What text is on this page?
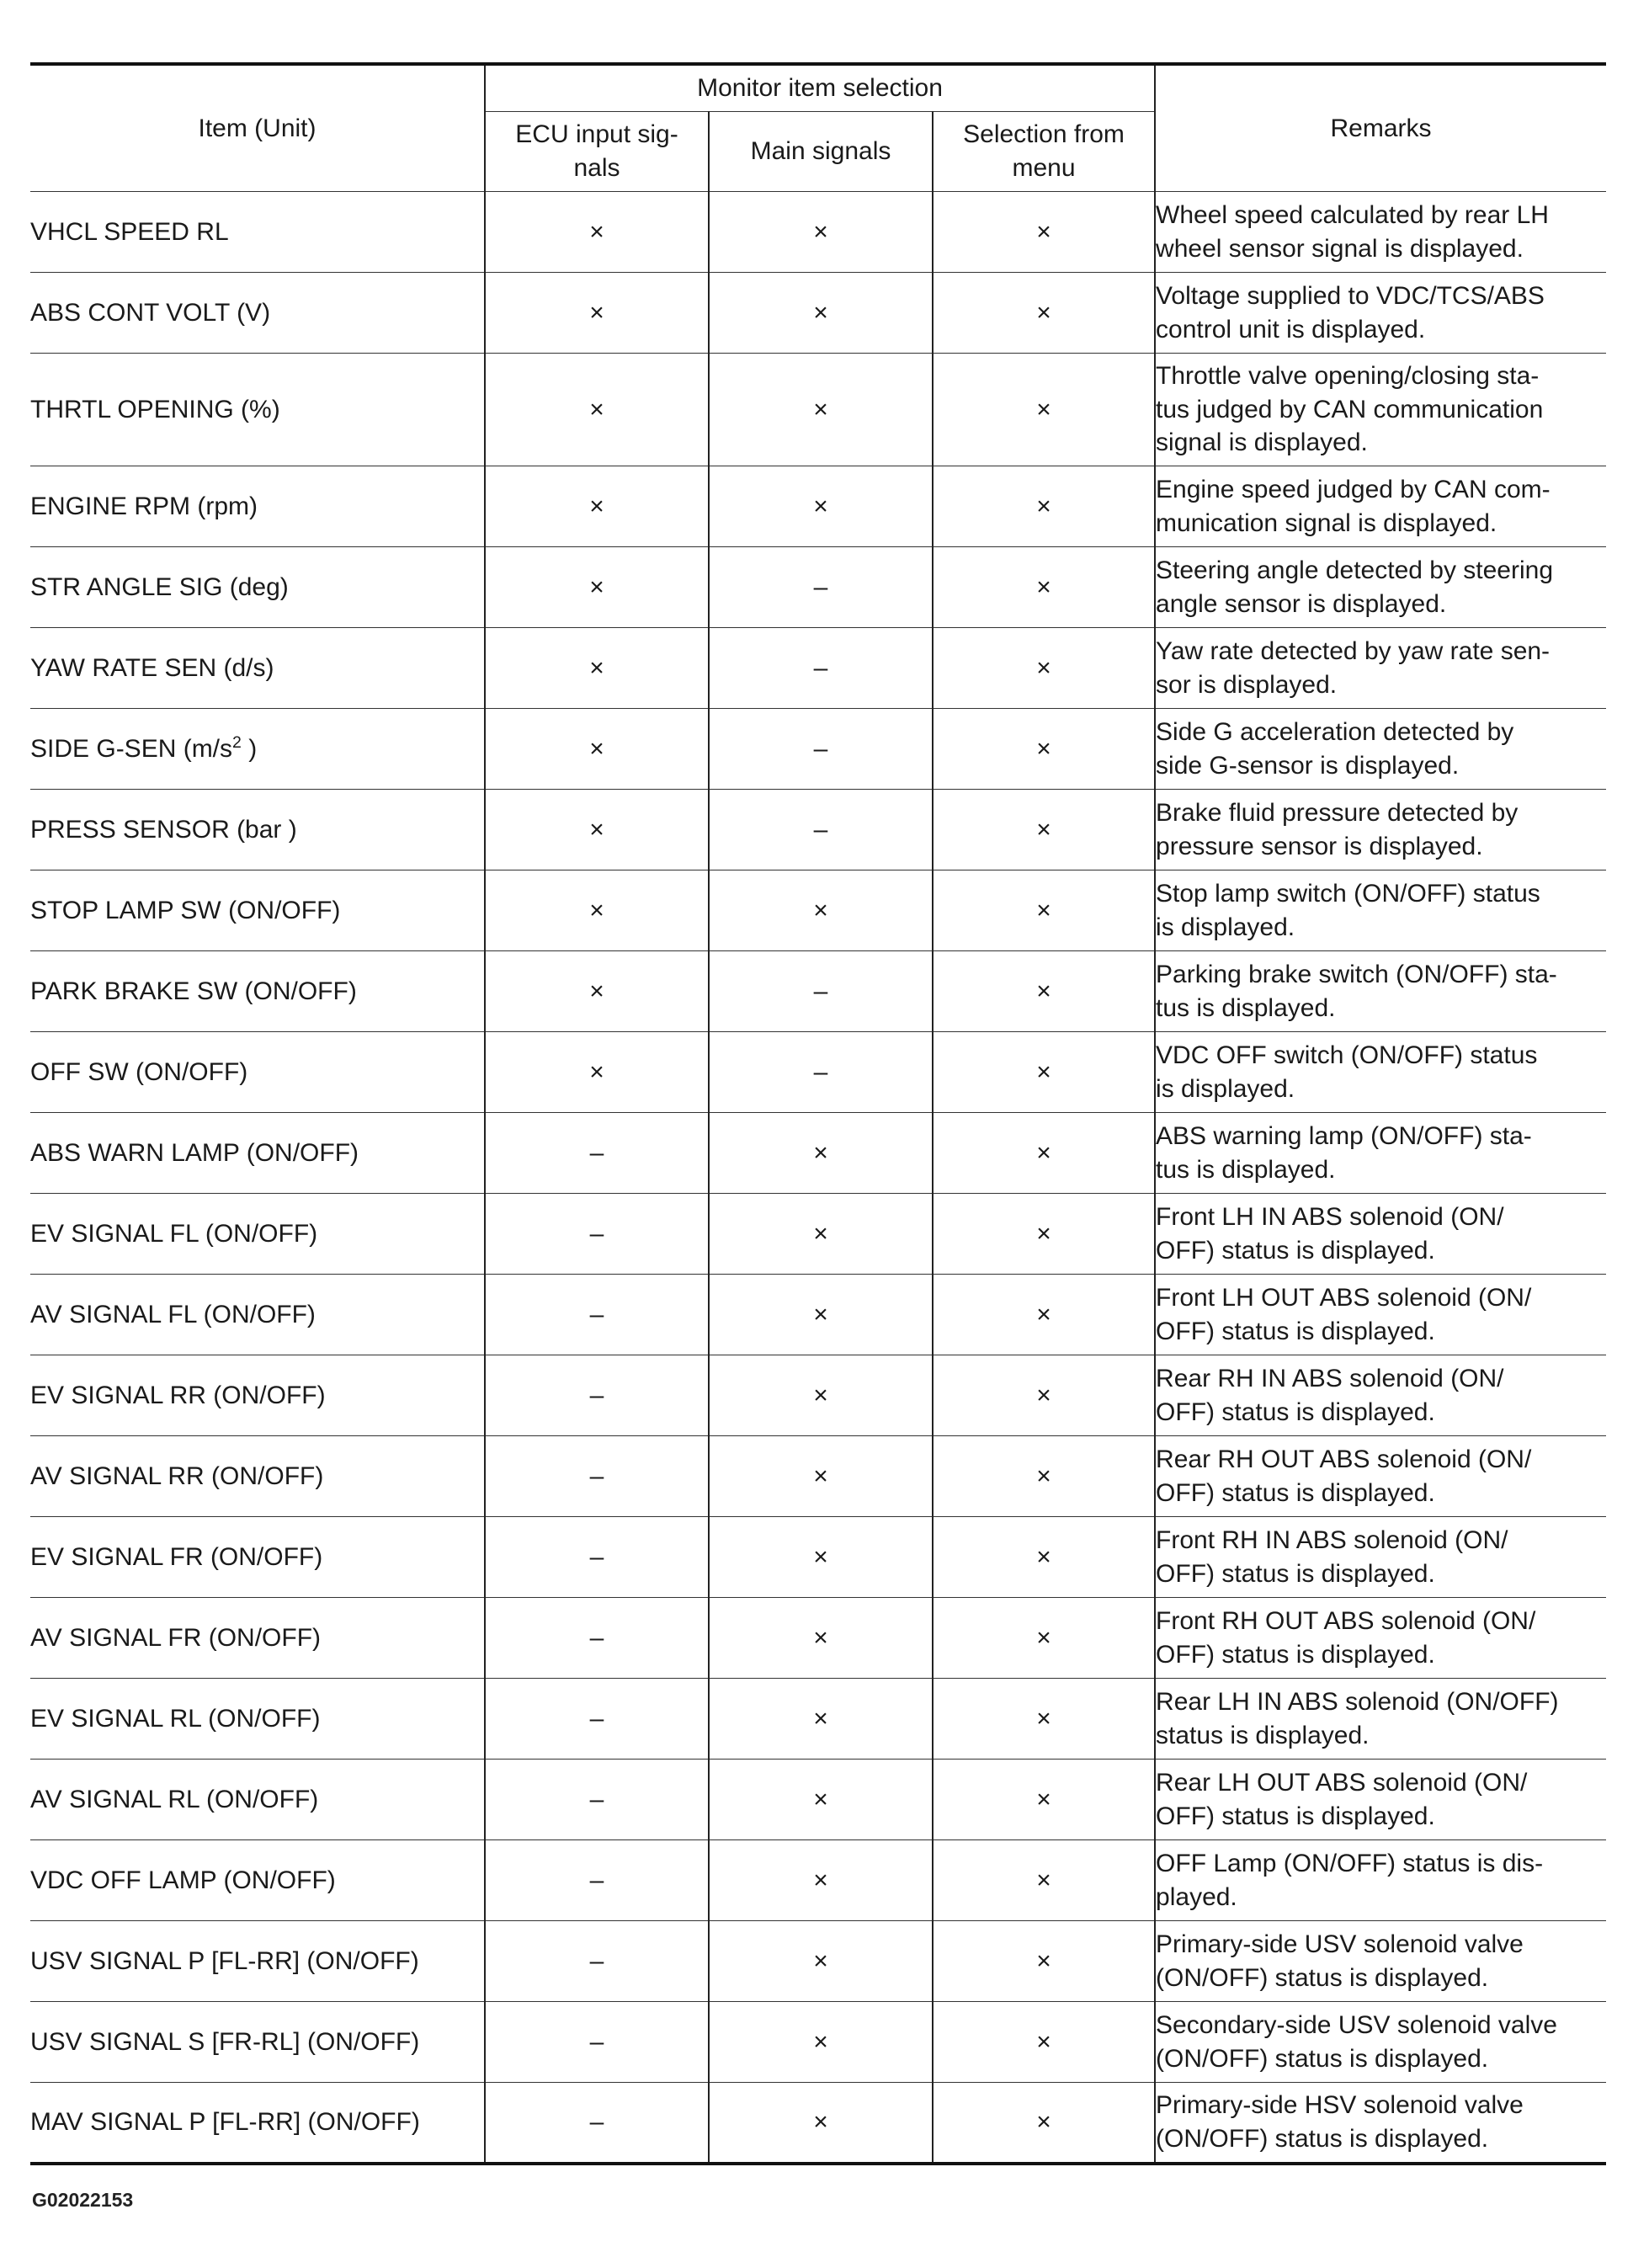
Item (Unit)	Monitor item selection			Remarks
	ECU input sig-
nals	Main signals	Selection from
menu	
VHCL SPEED RL	×	×	×	Wheel speed calculated by rear LH
wheel sensor signal is displayed.
ABS CONT VOLT (V)	×	×	×	Voltage supplied to VDC/TCS/ABS
control unit is displayed.
THRTL OPENING (%)	×	×	×	Throttle valve opening/closing sta-
tus judged by CAN communication
signal is displayed.
ENGINE RPM (rpm)	×	×	×	Engine speed judged by CAN com-
munication signal is displayed.
STR ANGLE SIG (deg)	×	–	×	Steering angle detected by steering
angle sensor is displayed.
YAW RATE SEN (d/s)	×	–	×	Yaw rate detected by yaw rate sen-
sor is displayed.
SIDE G-SEN ($m/s^2$ )	×	–	×	Side G acceleration detected by
side G-sensor is displayed.
PRESS SENSOR (bar )	×	–	×	Brake fluid pressure detected by
pressure sensor is displayed.
STOP LAMP SW (ON/OFF)	×	×	×	Stop lamp switch (ON/OFF) status
is displayed.
PARK BRAKE SW (ON/OFF)	×	–	×	Parking brake switch (ON/OFF) sta-
tus is displayed.
OFF SW (ON/OFF)	×	–	×	VDC OFF switch (ON/OFF) status
is displayed.
ABS WARN LAMP (ON/OFF)	–	×	×	ABS warning lamp (ON/OFF) sta-
tus is displayed.
EV SIGNAL FL (ON/OFF)	–	×	×	Front LH IN ABS solenoid (ON/
OFF) status is displayed.
AV SIGNAL FL (ON/OFF)	–	×	×	Front LH OUT ABS solenoid (ON/
OFF) status is displayed.
EV SIGNAL RR (ON/OFF)	–	×	×	Rear RH IN ABS solenoid (ON/
OFF) status is displayed.
AV SIGNAL RR (ON/OFF)	–	×	×	Rear RH OUT ABS solenoid (ON/
OFF) status is displayed.
EV SIGNAL FR (ON/OFF)	–	×	×	Front RH IN ABS solenoid (ON/
OFF) status is displayed.
AV SIGNAL FR (ON/OFF)	–	×	×	Front RH OUT ABS solenoid (ON/
OFF) status is displayed.
EV SIGNAL RL (ON/OFF)	–	×	×	Rear LH IN ABS solenoid (ON/OFF)
status is displayed.
AV SIGNAL RL (ON/OFF)	–	×	×	Rear LH OUT ABS solenoid (ON/
OFF) status is displayed.
VDC OFF LAMP (ON/OFF)	–	×	×	OFF Lamp (ON/OFF) status is dis-
played.
USV SIGNAL P [FL-RR] (ON/OFF)	–	×	×	Primary-side USV solenoid valve
(ON/OFF) status is displayed.
USV SIGNAL S [FR-RL] (ON/OFF)	–	×	×	Secondary-side USV solenoid valve
(ON/OFF) status is displayed.
MAV SIGNAL P [FL-RR] (ON/OFF)	–	×	×	Primary-side HSV solenoid valve
(ON/OFF) status is displayed.
G02022153
